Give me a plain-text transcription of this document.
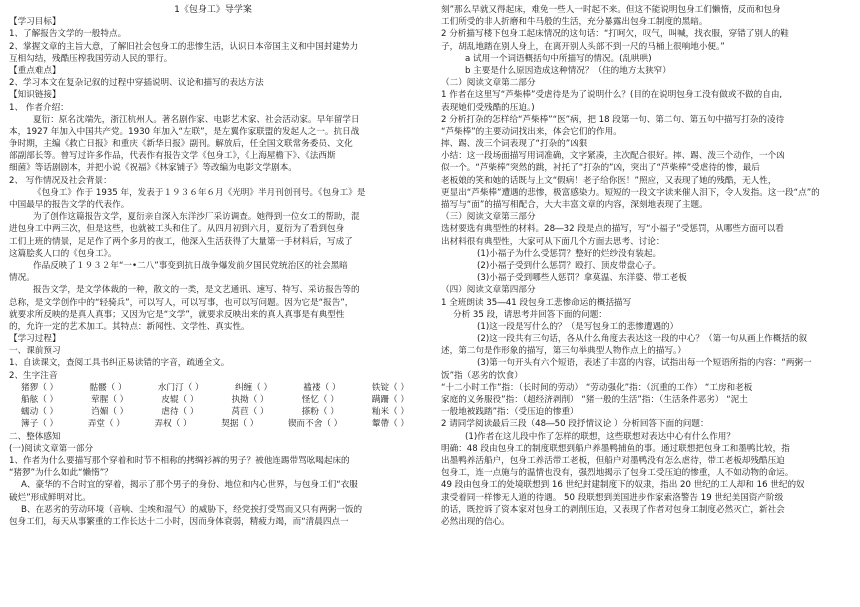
1《包身工》导学案
【学习目标】
1、了解报告文学的一般特点。
2、掌握文章的主旨大意，了解旧社会包身工的悲惨生活，认识日本帝国主义和中国封建势力
互相勾结，残酷压榨我国劳动人民的罪行。
【重点难点】
2、学习本文在复杂记叙的过程中穿插说明、议论和描写的表达方法
【知识链接】
1、 作者介绍：
夏衍：原名沈端先，浙江杭州人。著名剧作家、电影艺术家、社会活动家。早年留学日
本，1927 年加入中国共产党。1930 年加入“左联”，是左翼作家联盟的发起人之一。抗日战
争时期，主编《救亡日报》和重庆《新华日报》副刊。解放后，任全国文联常务委员、文化
部副部长等。曾写过许多作品，代表作有报告文学《包身工》，《上海屋檐下》、《法西斯
细菌》等话剧剧本，并把小说《祝福》《林家铺子》等改编为电影文学剧本。
2、 写作情况及社会背景：
《包身工》作于 1935 年，发表于１９３６年６月《光明》半月刊创刊号。《包身工》是
中国最早的报告文学的代表作。
为了创作这篇报告文学，夏衍亲自深入东洋沙厂采访调查。她得到一位女工的帮助，混
进包身工中两三次，但是这些，也就被工头和住了。从四月初到六月，夏衍为了看到包身
工们上班的情景，足足作了两个多月的夜工，他深入生活获得了大量第一手材料后，写成了
这篇脍炙人口的《包身工》。
作品反映了１９３２年“一•二八”事变到抗日战争爆发前夕国民党统治区的社会黑暗
情况。
报告文学，是文学体裁的一种，散文的一类，是文艺通讯、速写、特写、采访报告等的
总称，是文学创作中的“轻骑兵”，可以写人，可以写事，也可以写问题。因为它是“报告”，
就要求所反映的是真人真事；又因为它是“文学”，就要求反映出来的真人真事是有典型性
的，允许一定的艺术加工。其特点：新闻性、文学性、真实性。
【学习过程】
一、课前预习
1、自读课文，查阅工具书纠正易读错的字音，疏通全文。
2、生字注音
猪猡（ ）	骷髅（ ）	水门汀（ ）	纠缠（ ）	褴褛（ ）	铁锭（ ）
船舷（ ）	荤腥（ ）	皮辊（ ）	执拗（ ）	怪忆（ ）	蹒跚（ ）
蠕动（ ）	诌媚（ ）	虐待（ ）	莴苣（ ）	搽粉（ ）	籼米（ ）
簿子（ ）	弄堂（ ）	弄权（ ）	契据（ ）	锲而不舍（ ）	颦帶（ ）
二、整体感知
(一)阅读文章第一部分
1、作者为什么要描写那个穿着和时节不相称的拷绸衫裤的男子？被他连踢带骂吆喝起床的
“猪猡”为什么如此“懒惰”？
A、豪华的不合时宜的穿着，揭示了那个男子的身份、地位和内心世界，与包身工们“衣服
破烂”形成鲜明对比。
B、在恶劣的劳动环境（音响、尘埃和湿气）的威胁下，经党挨打受骂而又只有两粥一饭的
包身工们，每天从事繁重的工作长达十二小时，因而身体衰弱，精疲力竭，而“清晨四点一
刻”那么早就又得起床，难免一些人一时起不来。但这不能说明包身工们懒惰，反而和包身
工们所受的非人折磨和牛马般的生活，充分暴露出包身工制度的黑暗。
2 分析描写楼下包身工起床情况的这句话：“打呵欠，叹气，叫喊，找衣服，穿错了别人的鞋
子，胡乱地踏在别人身上，在离开别人头部不到一尺的马桶上很响地小便。”
a 试用一个词语概括句中所描写的情况。(乱哄哄)
b 主要是什么原因造成这种情况？（住的地方太狭窄）
（二）阅读文章第二部分
1 作者在这里写“芦柴棒”受虐待是为了说明什么？(目的在说明包身工没有做或不做的自由,
表现她们受残酷的压迫。)
2 分析打杂的怎样给“芦柴棒”“医”病，把 18 段第一句、第二句、第五句中描写打杂的凌待
“芦柴棒”的主要动词找出来，体会它们的作用。
摔、踢、泼三个词表现了“打杂的”凶狠
小结：这一段场面描写用词准确，文字紧凑，主次配合很好。摔、踢、泼三个动作，一个凶
似一个。“芦柴棒”突然的跳，衬托了“打杂的”凶，突出了“芦柴棒”受虐待的惨，最后
老板娘的笑和她的话既与上文“假病！老子给你医！”照应，又表现了她的残酷，无人性，
更显出“芦柴棒”遭遇的悲惨，极富感染力。短短的一段文字读来催人泪下，令人发指。这一段“点”的
描写与“面”的描写相配合，大大丰富文章的内容，深刻地表现了主题。
（三）阅读文章第三部分
选材要选有典型性的材料。28―32 段是点的描写，写“小福子”受惩罚，从哪些方面可以看
出材料很有典型性，大家可从下面几个方面去思考、讨论：
(1)小福子为什么受惩罚？整好的烂纱没有装起。
(2)小福子受到什么惩罚？殴打、顶皮带盘心子。
(3)小福子受到哪些人惩罚？拿莫温、东洋婆、带工老板
（四）阅读文章第四部分
1 全班朗读 35―41 段包身工悲惨命运的概括描写
分析 35 段，请思考并回答下面的问题：
(1)这一段是写什么的？（是写包身工的悲惨遭遇的）
(2)这一段共有三句话，各从什么角度去表达这一段的中心？（第一句从画上作概括的叙
述，第二句是作形象的描写，第三句举典型人物作点上的描写。）
(3)第一句开头有六个短语，表述了丰富的内容，试指出每一个短语所指的内容：“两粥一
饭”指（恶劣的饮食）
“十二小时工作”指：（长时间的劳动） “劳动强化”指：（沉重的工作） “工房和老板
家庭的义务服役”指：（超经济剥削） “猪一般的生活”指：（生活条件恶劣） “泥土
一般地被践踏”指：（受压迫的惨重）
2 请同学阅读最后三段（48―50 段抒情议论 ）分析回答下面的问题：
(1)作者在这儿段中作了怎样的联想，这些联想对表达中心有什么作用？
明确：48 段由包身工的制度联想到船户养墨鸭捕鱼的事。通过联想把包身工和墨鸭比较，指
出墨鸭养活船户，包身工养活带工老板，但船户对墨鸭没有怎么虐待，带工老板却残酷压迫
包身工，连一点施与的温情也没有，强烈地揭示了包身工受压迫的惨重，人不如动物的命运。
49 段由包身工的处境联想到 16 世纪封建制度下的奴隶，指出 20 世纪的工人却和 16 世纪的奴
隶受着同一样惨无人道的待遇。 50 段联想到美国进步作家索洛警告 19 世纪美国资产阶级
的话，既控诉了资本家对包身工的剥削压迫，又表现了作者对包身工制度必然灭亡，新社会
必然出现的信心。
